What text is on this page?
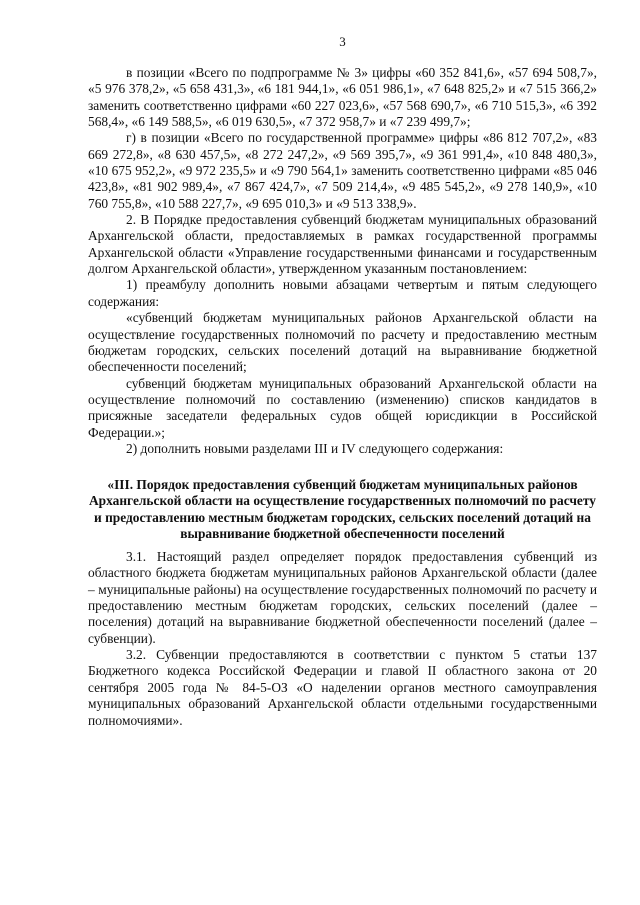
3

в позиции «Всего по подпрограмме № 3» цифры «60 352 841,6», «57 694 508,7», «5 976 378,2», «5 658 431,3», «6 181 944,1», «6 051 986,1», «7 648 825,2» и «7 515 366,2» заменить соответственно цифрами «60 227 023,6», «57 568 690,7», «6 710 515,3», «6 392 568,4», «6 149 588,5», «6 019 630,5», «7 372 958,7» и «7 239 499,7»;

г) в позиции «Всего по государственной программе» цифры «86 812 707,2», «83 669 272,8», «8 630 457,5», «8 272 247,2», «9 569 395,7», «9 361 991,4», «10 848 480,3», «10 675 952,2», «9 972 235,5» и «9 790 564,1» заменить соответственно цифрами «85 046 423,8», «81 902 989,4», «7 867 424,7», «7 509 214,4», «9 485 545,2», «9 278 140,9», «10 760 755,8», «10 588 227,7», «9 695 010,3» и «9 513 338,9».

2. В Порядке предоставления субвенций бюджетам муниципальных образований Архангельской области, предоставляемых в рамках государственной программы Архангельской области «Управление государственными финансами и государственным долгом Архангельской области», утвержденном указанным постановлением:

1) преамбулу дополнить новыми абзацами четвертым и пятым следующего содержания:

«субвенций бюджетам муниципальных районов Архангельской области на осуществление государственных полномочий по расчету и предоставлению местным бюджетам городских, сельских поселений дотаций на выравнивание бюджетной обеспеченности поселений;

субвенций бюджетам муниципальных образований Архангельской области на осуществление полномочий по составлению (изменению) списков кандидатов в присяжные заседатели федеральных судов общей юрисдикции в Российской Федерации.»;

2) дополнить новыми разделами III и IV следующего содержания:

«III. Порядок предоставления субвенций бюджетам муниципальных районов Архангельской области на осуществление государственных полномочий по расчету и предоставлению местным бюджетам городских, сельских поселений дотаций на выравнивание бюджетной обеспеченности поселений

3.1. Настоящий раздел определяет порядок предоставления субвенций из областного бюджета бюджетам муниципальных районов Архангельской области (далее – муниципальные районы) на осуществление государственных полномочий по расчету и предоставлению местным бюджетам городских, сельских поселений (далее – поселения) дотаций на выравнивание бюджетной обеспеченности поселений (далее – субвенции).

3.2. Субвенции предоставляются в соответствии с пунктом 5 статьи 137 Бюджетного кодекса Российской Федерации и главой II областного закона от 20 сентября 2005 года № 84-5-ОЗ «О наделении органов местного самоуправления муниципальных образований Архангельской области отдельными государственными полномочиями».
